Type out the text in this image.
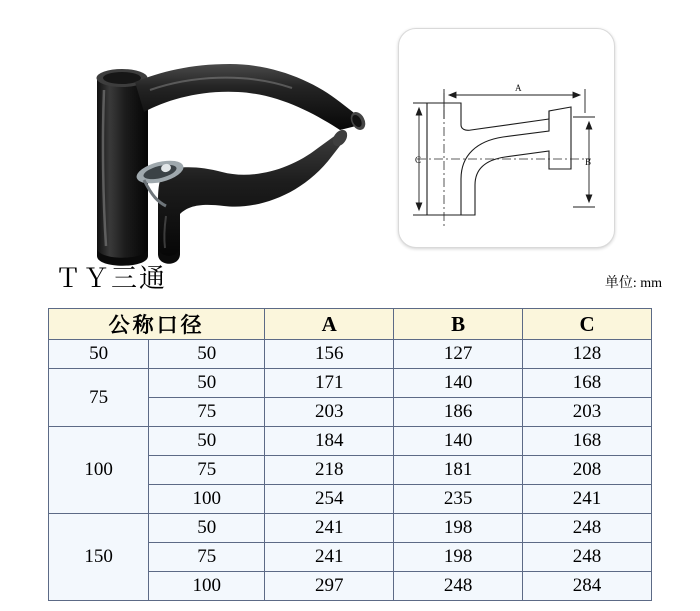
ＴＹ三通
A
B
C
单位: mm
公称口径		A	B	C
50	50	156	127	128
75	50	171	140	168
	75	203	186	203
100	50	184	140	168
	75	218	181	208
	100	254	235	241
150	50	241	198	248
	75	241	198	248
	100	297	248	284
